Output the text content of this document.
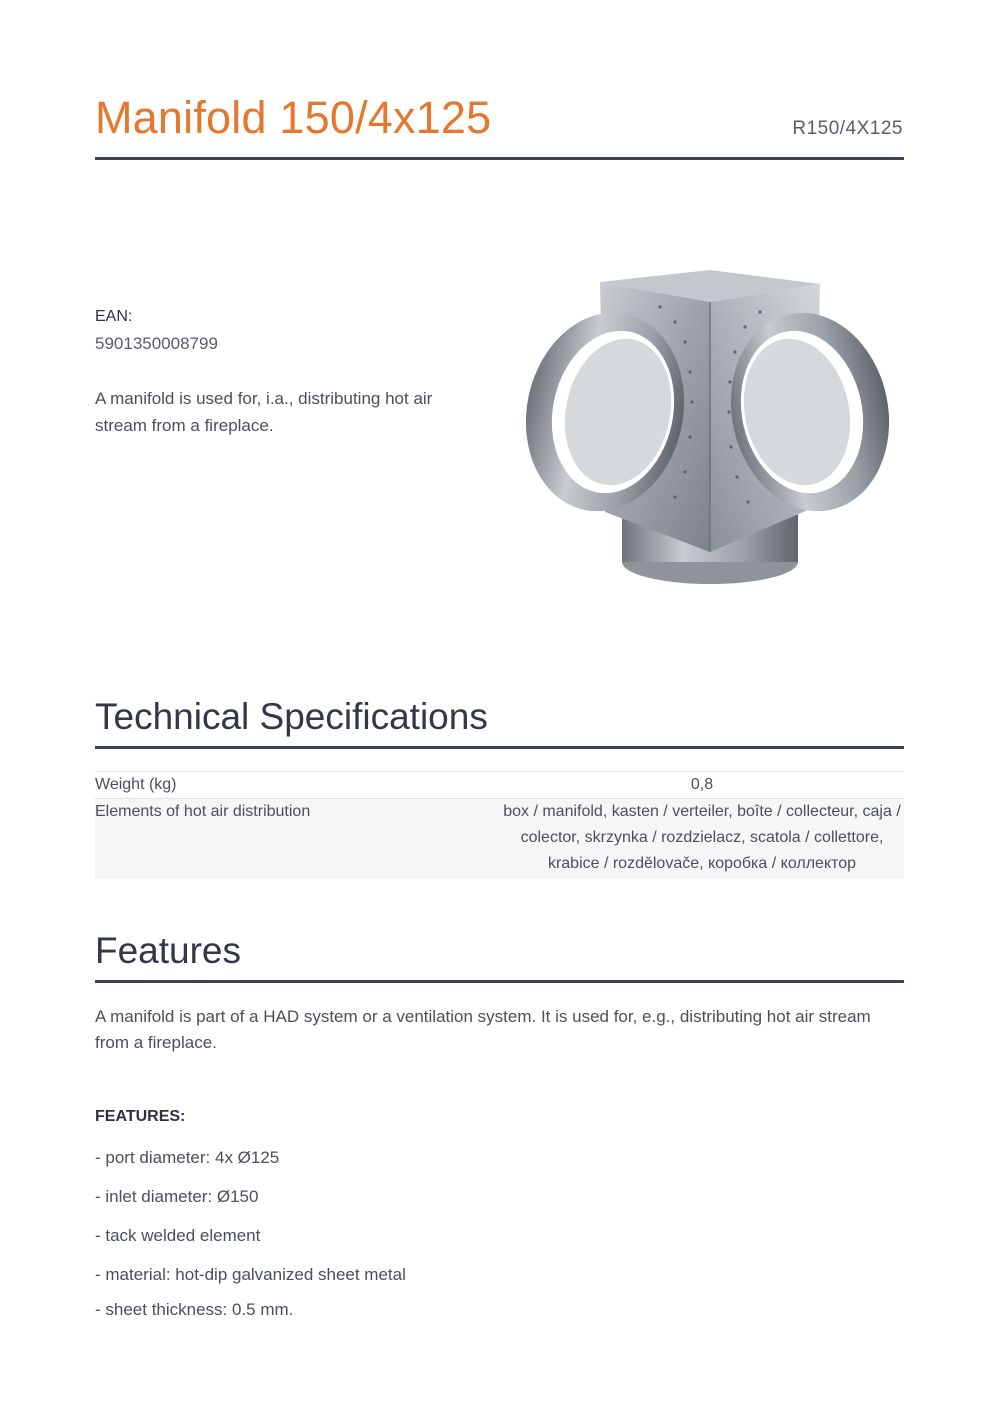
Manifold 150/4x125	R150/4X125
EAN:
5901350008799

A manifold is used for, i.a., distributing hot air stream from a fireplace.

Technical Specifications
Weight (kg)	0,8
Elements of hot air distribution	box / manifold, kasten / verteiler, boîte / collecteur, caja / colector, skrzynka / rozdzielacz, scatola / collettore, krabice / rozdělovače, коробка / коллектор
Features

A manifold is part of a HAD system or a ventilation system. It is used for, e.g., distributing hot air stream from a fireplace.

FEATURES:
- port diameter: 4x Ø125
- inlet diameter: Ø150
- tack welded element
- material: hot-dip galvanized sheet metal
- sheet thickness: 0.5 mm.
